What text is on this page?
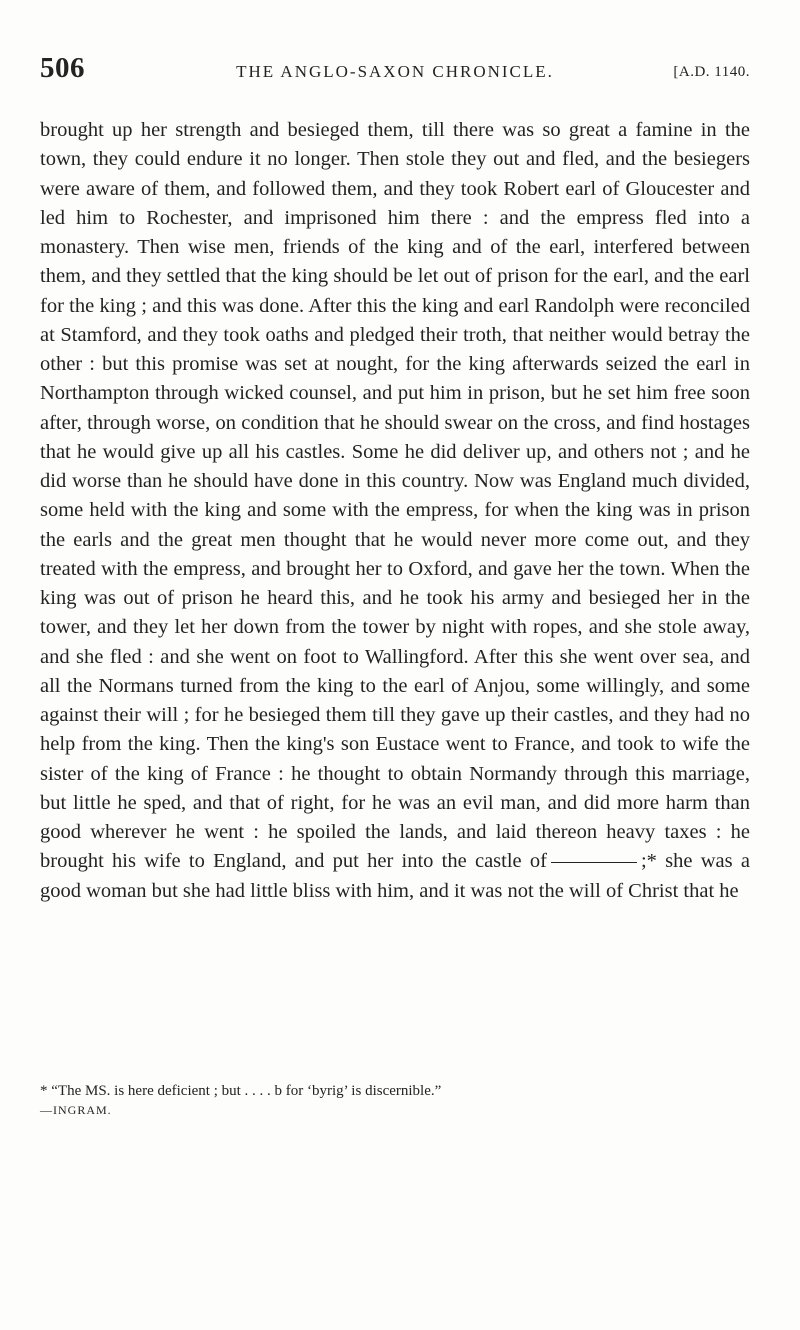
506	THE ANGLO-SAXON CHRONICLE.	[A.D. 1140.

brought up her strength and besieged them, till there was so great a famine in the town, they could endure it no longer. Then stole they out and fled, and the besiegers were aware of them, and followed them, and they took Robert earl of Gloucester and led him to Rochester, and imprisoned him there : and the empress fled into a monastery. Then wise men, friends of the king and of the earl, interfered between them, and they settled that the king should be let out of prison for the earl, and the earl for the king ; and this was done. After this the king and earl Randolph were reconciled at Stamford, and they took oaths and pledged their troth, that neither would betray the other : but this promise was set at nought, for the king afterwards seized the earl in Northampton through wicked counsel, and put him in prison, but he set him free soon after, through worse, on condition that he should swear on the cross, and find hostages that he would give up all his castles. Some he did deliver up, and others not ; and he did worse than he should have done in this country. Now was England much divided, some held with the king and some with the empress, for when the king was in prison the earls and the great men thought that he would never more come out, and they treated with the empress, and brought her to Oxford, and gave her the town. When the king was out of prison he heard this, and he took his army and besieged her in the tower, and they let her down from the tower by night with ropes, and she stole away, and she fled : and she went on foot to Wallingford. After this she went over sea, and all the Normans turned from the king to the earl of Anjou, some willingly, and some against their will ; for he besieged them till they gave up their castles, and they had no help from the king. Then the king's son Eustace went to France, and took to wife the sister of the king of France : he thought to obtain Normandy through this marriage, but little he sped, and that of right, for he was an evil man, and did more harm than good wherever he went : he spoiled the lands, and laid thereon heavy taxes : he brought his wife to England, and put her into the castle of	;* she was a good woman but she had little bliss with him, and it was not the will of Christ that he

* “The MS. is here deficient ; but . . . . b for ‘byrig’ is discernible.”
—INGRAM.
